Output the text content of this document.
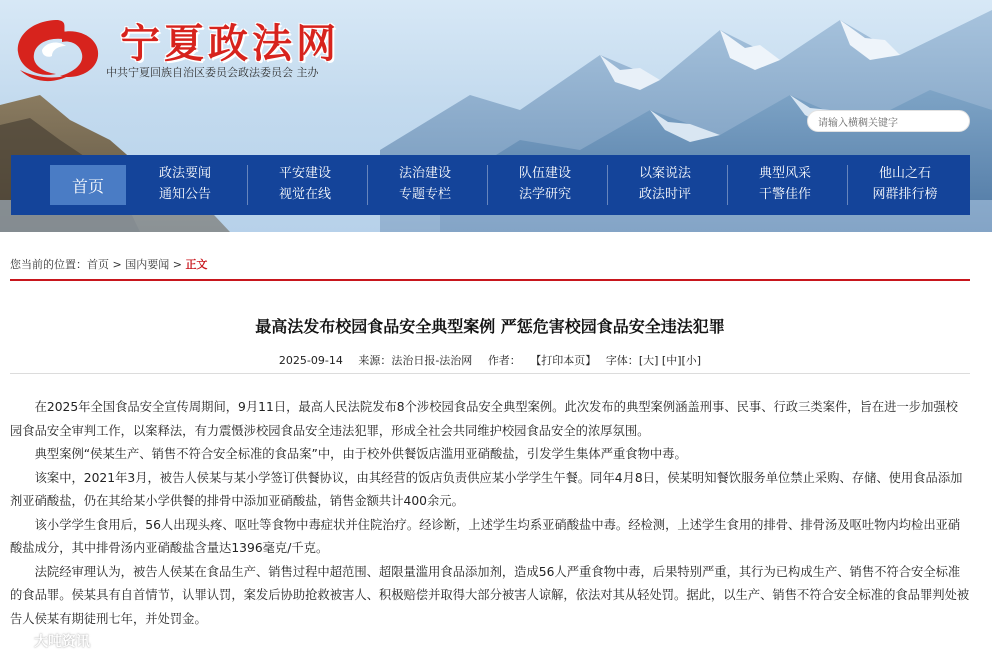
宁夏政法网
中共宁夏回族自治区委员会政法委员会 主办
请输入横稠关键字
首页
政法要闻
通知公告
平安建设
视觉在线
法治建设
专题专栏
队伍建设
法学研究
以案说法
政法时评
典型风采
干警佳作
他山之石
网群排行榜
您当前的位置：首页 > 国内要闻 > 正文
最高法发布校园食品安全典型案例 严惩危害校园食品安全违法犯罪
2025-09-14 来源：法治日报-法治网 作者： 【打印本页】 字体：[大] [中][小]

在2025年全国食品安全宣传周期间，9月11日，最高人民法院发布8个涉校园食品安全典型案例。此次发布的典型案例涵盖刑事、民事、行政三类案件，旨在进一步加强校园食品安全审判工作，以案释法，有力震慑涉校园食品安全违法犯罪，形成全社会共同维护校园食品安全的浓厚氛围。

典型案例“侯某生产、销售不符合安全标准的食品案”中，由于校外供餐饭店滥用亚硝酸盐，引发学生集体严重食物中毒。

该案中，2021年3月，被告人侯某与某小学签订供餐协议，由其经营的饭店负责供应某小学学生午餐。同年4月8日，侯某明知餐饮服务单位禁止采购、存储、使用食品添加剂亚硝酸盐，仍在其给某小学供餐的排骨中添加亚硝酸盐，销售金额共计400余元。

该小学学生食用后，56人出现头疼、呕吐等食物中毒症状并住院治疗。经诊断，上述学生均系亚硝酸盐中毒。经检测，上述学生食用的排骨、排骨汤及呕吐物内均检出亚硝酸盐成分，其中排骨汤内亚硝酸盐含量达1396毫克/千克。

法院经审理认为，被告人侯某在食品生产、销售过程中超范围、超限量滥用食品添加剂，造成56人严重食物中毒，后果特别严重，其行为已构成生产、销售不符合安全标准的食品罪。侯某具有自首情节，认罪认罚，案发后协助抢救被害人、积极赔偿并取得大部分被害人谅解，依法对其从轻处罚。据此，以生产、销售不符合安全标准的食品罪判处被告人侯某有期徒刑七年，并处罚金。

大吨资讯
